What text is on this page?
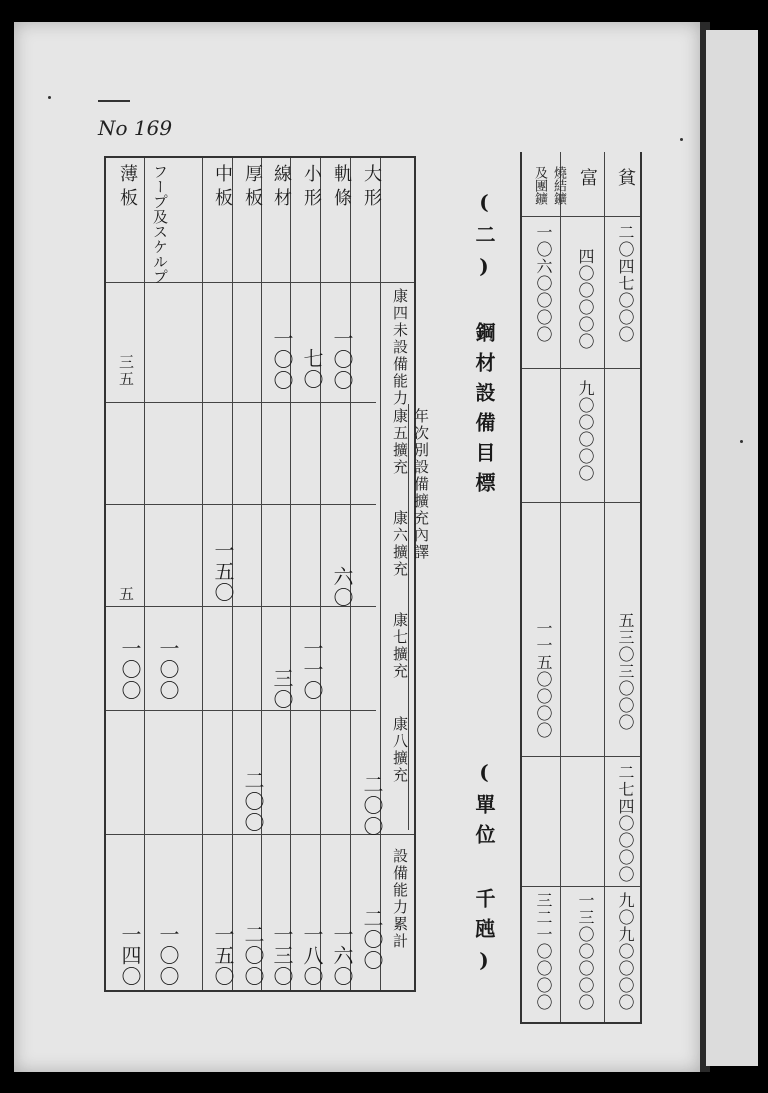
No 169
大形
軌條
小形
線材
厚板
中板
フープ及スケルプ
薄板
康四未設備能力
年次別設備擴充內譯
康五擴充
康六擴充
康七擴充
康八擴充
設備能力累計
一〇〇
七〇
一〇〇
三五
六〇
一五〇
五
一一〇
三〇
一〇〇
一〇〇
二〇〇
二〇〇
二〇〇
一六〇
一八〇
一三〇
二〇〇
一五〇
一〇〇
一四〇
(二) 鋼材設備目標
(單位 千瓲)
貧
富
燒結鑛及團鑛
二〇四七〇〇〇
五三〇三〇〇〇
二七四〇〇〇〇
九〇九〇〇〇〇
四〇〇〇〇〇
九〇〇〇〇〇
一三〇〇〇〇〇
一〇六〇〇〇〇
一一五〇〇〇〇
三二一〇〇〇〇
